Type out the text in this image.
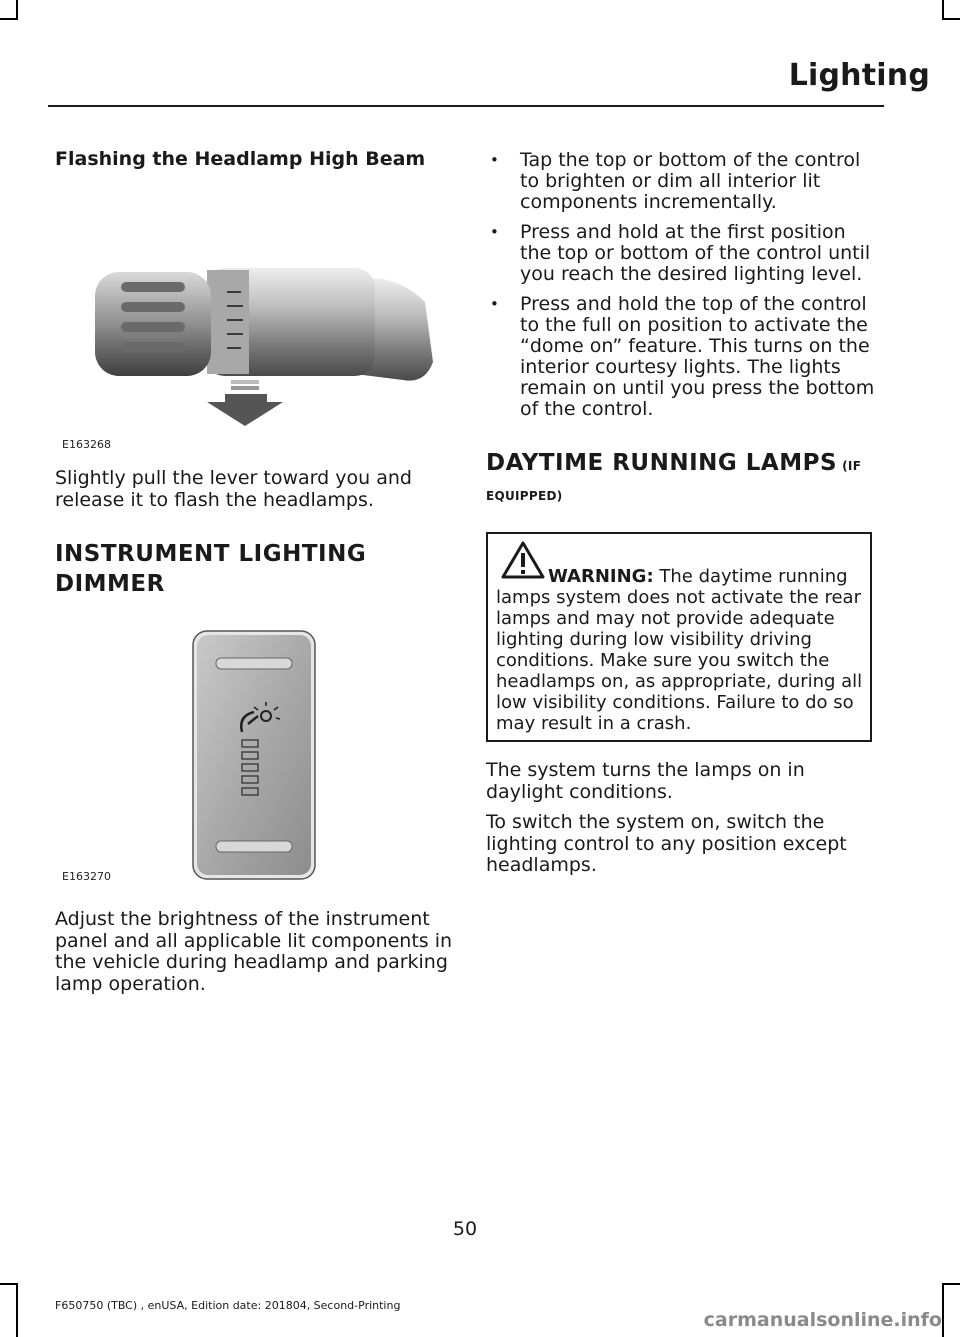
Lighting
Flashing the Headlamp High Beam
E163268

Slightly pull the lever toward you and release it to flash the headlamps.

INSTRUMENT LIGHTING
DIMMER
E163270

Adjust the brightness of the instrument panel and all applicable lit components in the vehicle during headlamp and parking lamp operation.

• Tap the top or bottom of the control to brighten or dim all interior lit components incrementally.
• Press and hold at the first position the top or bottom of the control until you reach the desired lighting level.
• Press and hold the top of the control to the full on position to activate the “dome on” feature. This turns on the interior courtesy lights. The lights remain on until you press the bottom of the control.
DAYTIME RUNNING LAMPS (IF
EQUIPPED)

WARNING: The daytime running lamps system does not activate the rear lamps and may not provide adequate lighting during low visibility driving conditions. Make sure you switch the headlamps on, as appropriate, during all low visibility conditions. Failure to do so may result in a crash.

The system turns the lamps on in daylight conditions.

To switch the system on, switch the lighting control to any position except headlamps.

50
F650750 (TBC) , enUSA, Edition date: 201804, Second-Printing
carmanualsonline.info
